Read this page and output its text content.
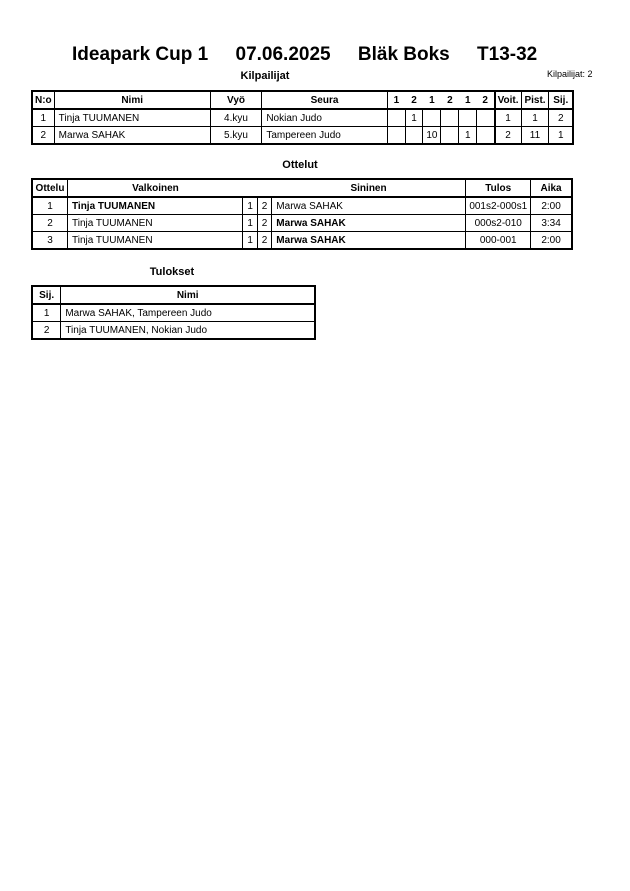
Ideapark Cup 1 07.06.2025 Bläk Boks T13-32
Kilpailijat: 2
Kilpailijat
N:o	Nimi	Vyö	Seura	1	2	1	2	1	2	Voit.	Pist.	Sij.
1	Tinja TUUMANEN	4.kyu	Nokian Judo		1					1	1	2
2	Marwa SAHAK	5.kyu	Tampereen Judo			10		1		2	11	1
Ottelut
Ottelu	Valkoinen			Sininen	Tulos	Aika
1	Tinja TUUMANEN	1	2	Marwa SAHAK	001s2-000s1	2:00
2	Tinja TUUMANEN	1	2	Marwa SAHAK	000s2-010	3:34
3	Tinja TUUMANEN	1	2	Marwa SAHAK	000-001	2:00
Tulokset
Sij.	Nimi
1	Marwa SAHAK, Tampereen Judo
2	Tinja TUUMANEN, Nokian Judo
